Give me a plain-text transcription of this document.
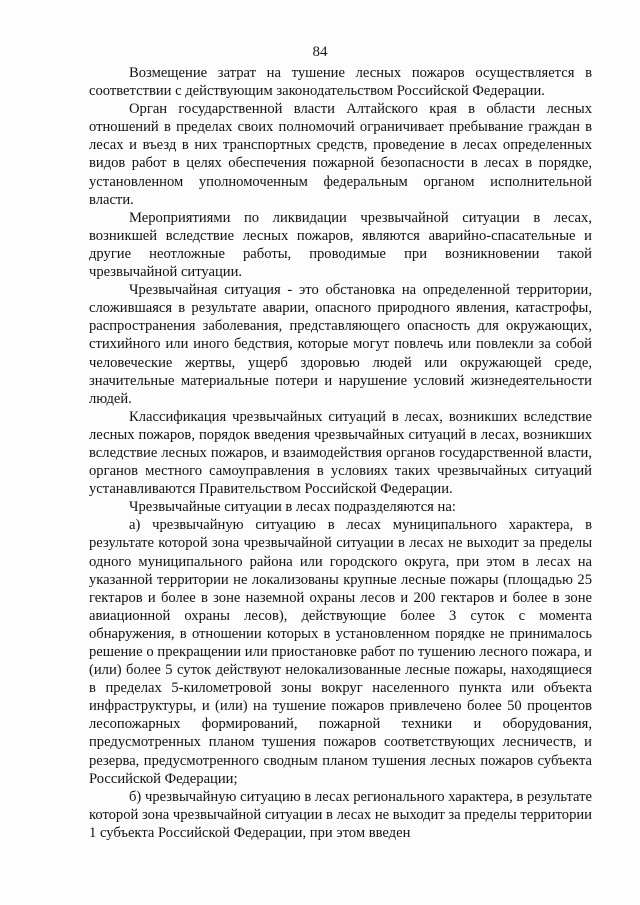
84

Возмещение затрат на тушение лесных пожаров осуществляется в соответствии с действующим законодательством Российской Федерации.

Орган государственной власти Алтайского края в области лесных отношений в пределах своих полномочий ограничивает пребывание граждан в лесах и въезд в них транспортных средств, проведение в лесах определенных видов работ в целях обеспечения пожарной безопасности в лесах в порядке, установленном уполномоченным федеральным органом исполнительной власти.

Мероприятиями по ликвидации чрезвычайной ситуации в лесах, возникшей вследствие лесных пожаров, являются аварийно-спасательные и другие неотложные работы, проводимые при возникновении такой чрезвычайной ситуации.

Чрезвычайная ситуация - это обстановка на определенной территории, сложившаяся в результате аварии, опасного природного явления, катастрофы, распространения заболевания, представляющего опасность для окружающих, стихийного или иного бедствия, которые могут повлечь или повлекли за собой человеческие жертвы, ущерб здоровью людей или окружающей среде, значительные материальные потери и нарушение условий жизнедеятельности людей.

Классификация чрезвычайных ситуаций в лесах, возникших вследствие лесных пожаров, порядок введения чрезвычайных ситуаций в лесах, возникших вследствие лесных пожаров, и взаимодействия органов государственной власти, органов местного самоуправления в условиях таких чрезвычайных ситуаций устанавливаются Правительством Российской Федерации.

Чрезвычайные ситуации в лесах подразделяются на:

а) чрезвычайную ситуацию в лесах муниципального характера, в результате которой зона чрезвычайной ситуации в лесах не выходит за пределы одного муниципального района или городского округа, при этом в лесах на указанной территории не локализованы крупные лесные пожары (площадью 25 гектаров и более в зоне наземной охраны лесов и 200 гектаров и более в зоне авиационной охраны лесов), действующие более 3 суток с момента обнаружения, в отношении которых в установленном порядке не принималось решение о прекращении или приостановке работ по тушению лесного пожара, и (или) более 5 суток действуют нелокализованные лесные пожары, находящиеся в пределах 5-километровой зоны вокруг населенного пункта или объекта инфраструктуры, и (или) на тушение пожаров привлечено более 50 процентов лесопожарных формирований, пожарной техники и оборудования, предусмотренных планом тушения пожаров соответствующих лесничеств, и резерва, предусмотренного сводным планом тушения лесных пожаров субъекта Российской Федерации;

б) чрезвычайную ситуацию в лесах регионального характера, в результате которой зона чрезвычайной ситуации в лесах не выходит за пределы территории 1 субъекта Российской Федерации, при этом введен
